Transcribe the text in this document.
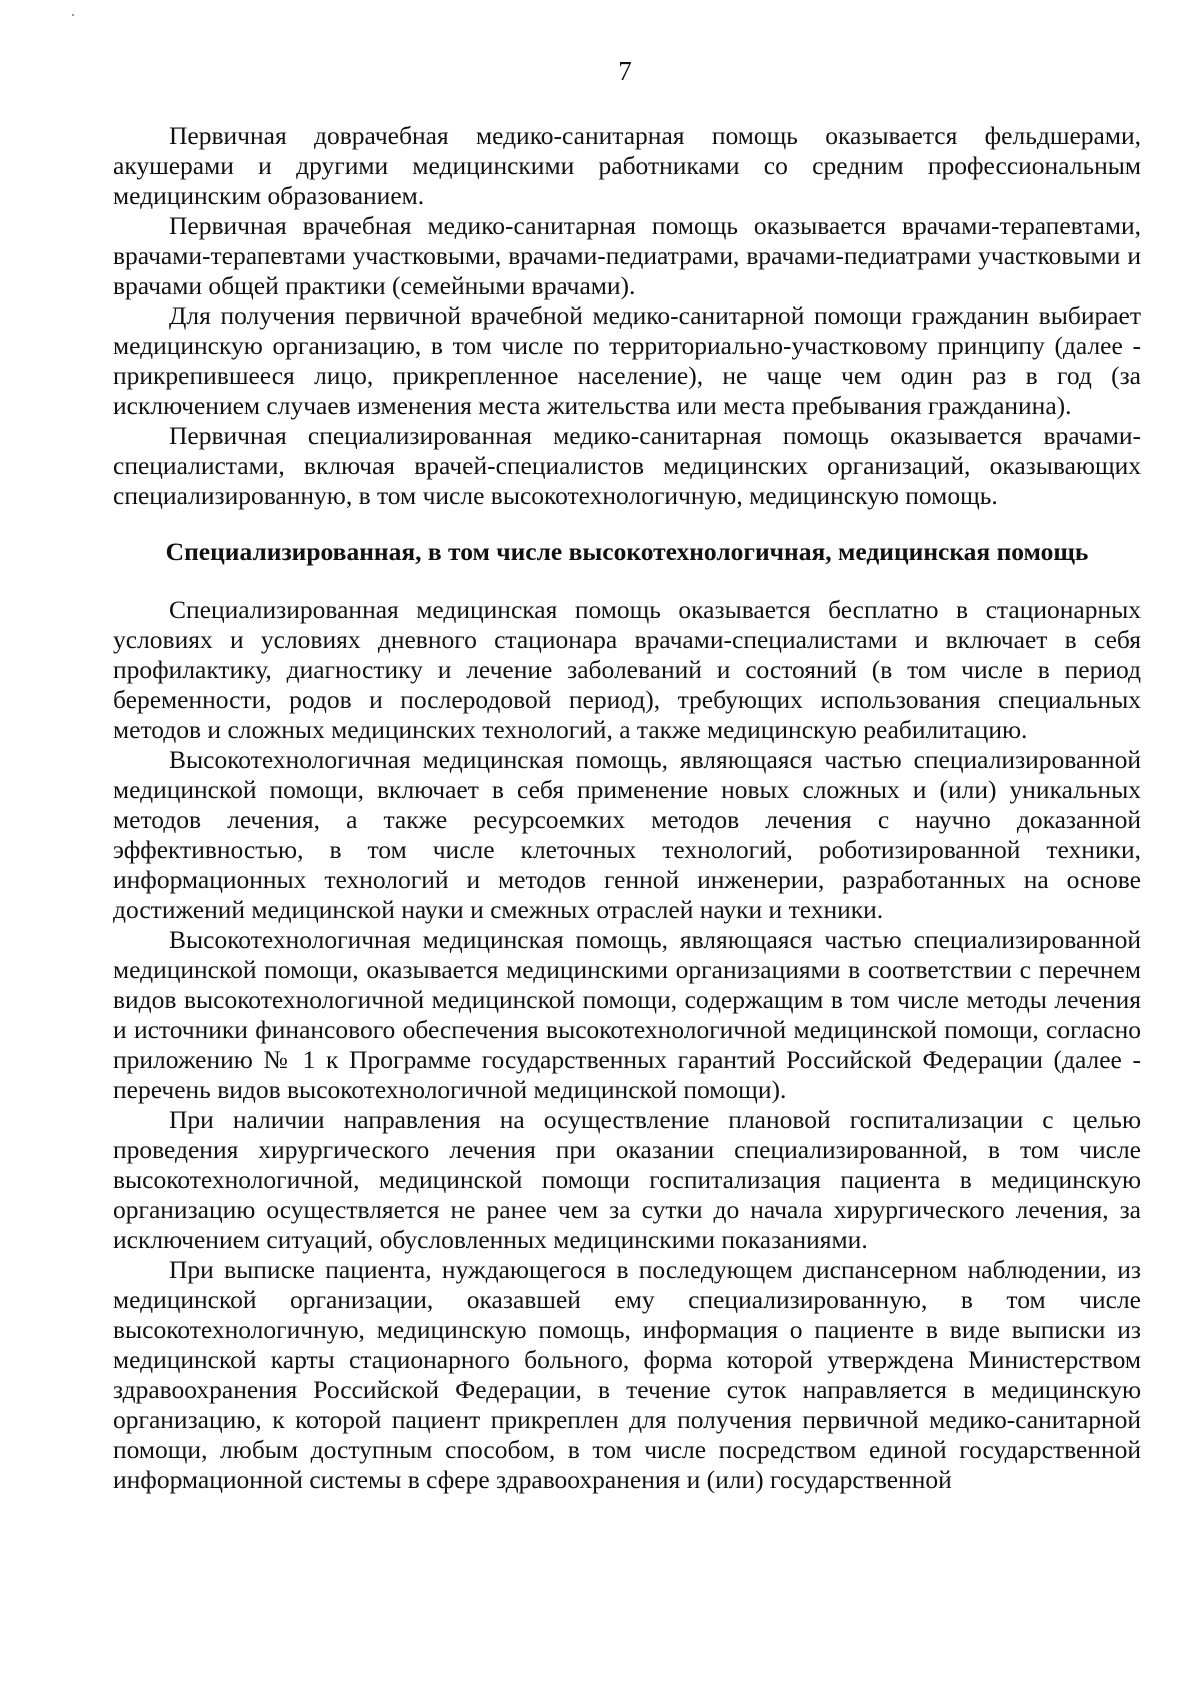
7

Первичная доврачебная медико-санитарная помощь оказывается фельдшерами, акушерами и другими медицинскими работниками со средним профессиональным медицинским образованием.

Первичная врачебная медико-санитарная помощь оказывается врачами-терапевтами, врачами-терапевтами участковыми, врачами-педиатрами, врачами-педиатрами участковыми и врачами общей практики (семейными врачами).

Для получения первичной врачебной медико-санитарной помощи гражданин выбирает медицинскую организацию, в том числе по территориально-участковому принципу (далее - прикрепившееся лицо, прикрепленное население), не чаще чем один раз в год (за исключением случаев изменения места жительства или места пребывания гражданина).

Первичная специализированная медико-санитарная помощь оказывается врачами-специалистами, включая врачей-специалистов медицинских организаций, оказывающих специализированную, в том числе высокотехнологичную, медицинскую помощь.

Специализированная, в том числе высокотехнологичная, медицинская помощь

Специализированная медицинская помощь оказывается бесплатно в стационарных условиях и условиях дневного стационара врачами-специалистами и включает в себя профилактику, диагностику и лечение заболеваний и состояний (в том числе в период беременности, родов и послеродовой период), требующих использования специальных методов и сложных медицинских технологий, а также медицинскую реабилитацию.

Высокотехнологичная медицинская помощь, являющаяся частью специализированной медицинской помощи, включает в себя применение новых сложных и (или) уникальных методов лечения, а также ресурсоемких методов лечения с научно доказанной эффективностью, в том числе клеточных технологий, роботизированной техники, информационных технологий и методов генной инженерии, разработанных на основе достижений медицинской науки и смежных отраслей науки и техники.

Высокотехнологичная медицинская помощь, являющаяся частью специализированной медицинской помощи, оказывается медицинскими организациями в соответствии с перечнем видов высокотехнологичной медицинской помощи, содержащим в том числе методы лечения и источники финансового обеспечения высокотехнологичной медицинской помощи, согласно приложению № 1 к Программе государственных гарантий Российской Федерации (далее - перечень видов высокотехнологичной медицинской помощи).

При наличии направления на осуществление плановой госпитализации с целью проведения хирургического лечения при оказании специализированной, в том числе высокотехнологичной, медицинской помощи госпитализация пациента в медицинскую организацию осуществляется не ранее чем за сутки до начала хирургического лечения, за исключением ситуаций, обусловленных медицинскими показаниями.

При выписке пациента, нуждающегося в последующем диспансерном наблюдении, из медицинской организации, оказавшей ему специализированную, в том числе высокотехнологичную, медицинскую помощь, информация о пациенте в виде выписки из медицинской карты стационарного больного, форма которой утверждена Министерством здравоохранения Российской Федерации, в течение суток направляется в медицинскую организацию, к которой пациент прикреплен для получения первичной медико-санитарной помощи, любым доступным способом, в том числе посредством единой государственной информационной системы в сфере здравоохранения и (или) государственной
